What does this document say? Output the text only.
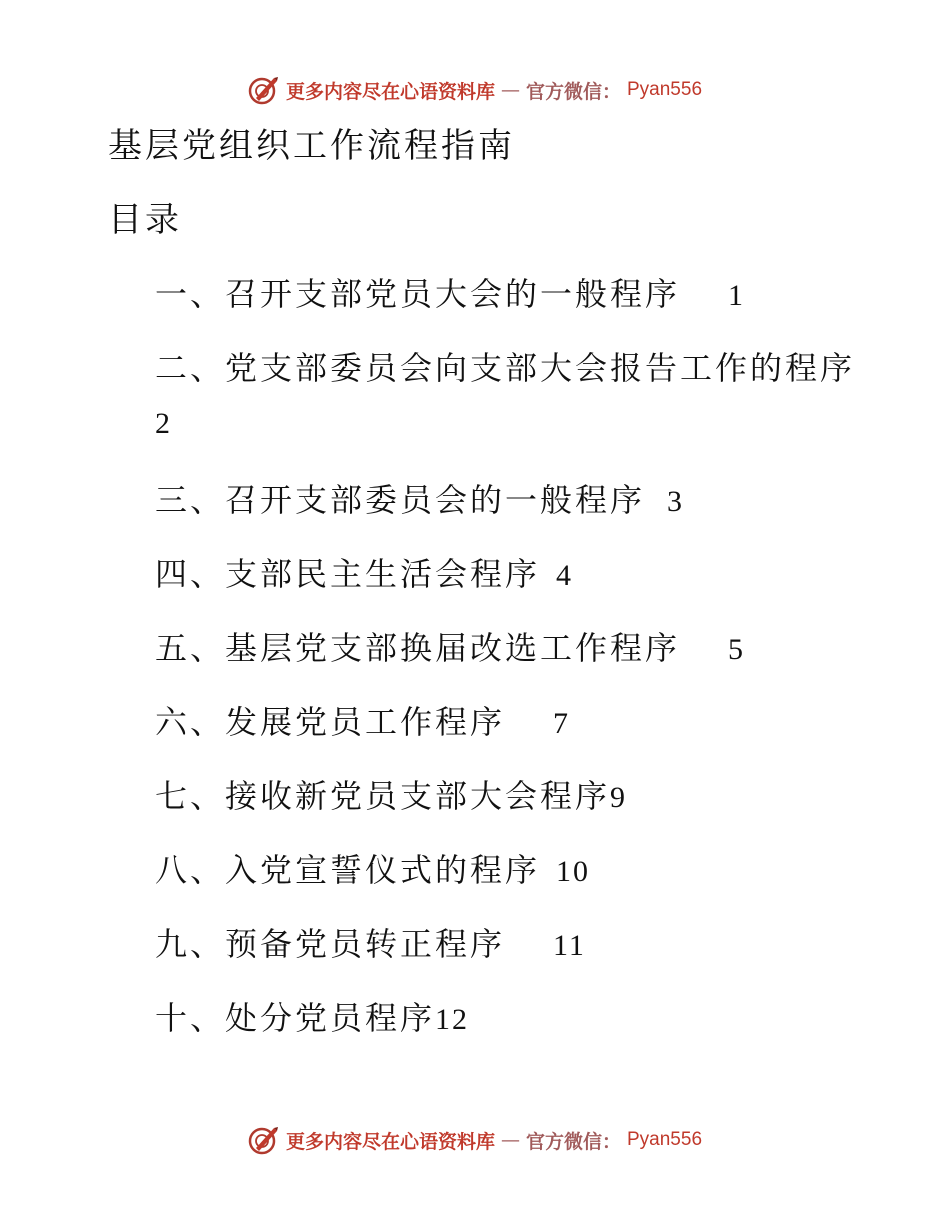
更多内容尽在心语资料库 — 官方微信： Pyan556
基层党组织工作流程指南
目录
一、召开支部党员大会的一般程序 1
二、党支部委员会向支部大会报告工作的程序
2
三、召开支部委员会的一般程序 3
四、支部民主生活会程序 4
五、基层党支部换届改选工作程序 5
六、发展党员工作程序 7
七、接收新党员支部大会程序9
八、入党宣誓仪式的程序 10
九、预备党员转正程序 11
十、处分党员程序12
更多内容尽在心语资料库 — 官方微信： Pyan556
